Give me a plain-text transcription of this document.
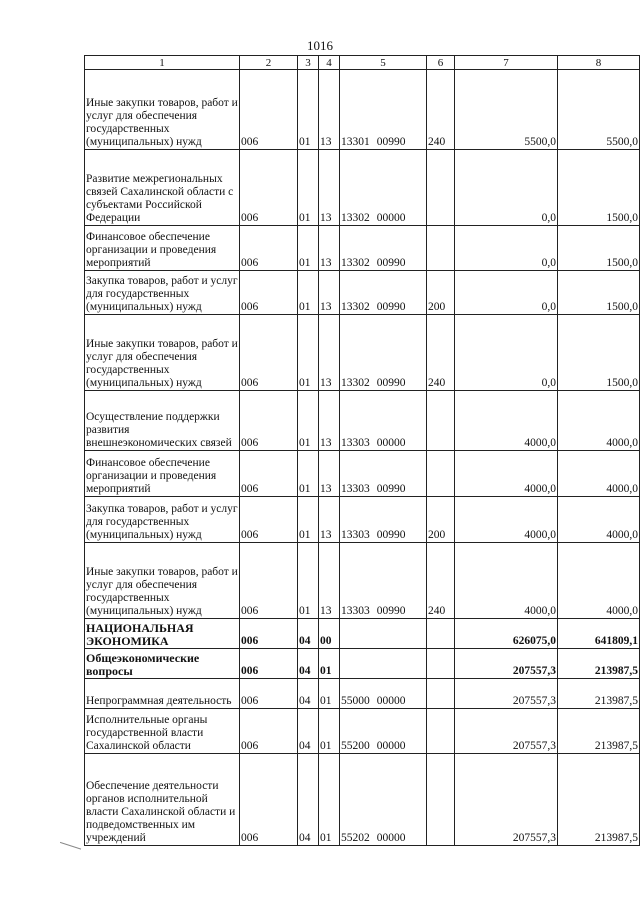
1016
1	2	3	4	5	6	7	8
Иные закупки товаров, работ и услуг для обеспечения государственных (муниципальных) нужд	006	01	13	13301 00990	240	5500,0	5500,0
Развитие межрегиональных связей Сахалинской области с субъектами Российской Федерации	006	01	13	13302 00000		0,0	1500,0
Финансовое обеспечение организации и проведения мероприятий	006	01	13	13302 00990		0,0	1500,0
Закупка товаров, работ и услуг для государственных (муниципальных) нужд	006	01	13	13302 00990	200	0,0	1500,0
Иные закупки товаров, работ и услуг для обеспечения государственных (муниципальных) нужд	006	01	13	13302 00990	240	0,0	1500,0
Осуществление поддержки развития внешнеэкономических связей	006	01	13	13303 00000		4000,0	4000,0
Финансовое обеспечение организации и проведения мероприятий	006	01	13	13303 00990		4000,0	4000,0
Закупка товаров, работ и услуг для государственных (муниципальных) нужд	006	01	13	13303 00990	200	4000,0	4000,0
Иные закупки товаров, работ и услуг для обеспечения государственных (муниципальных) нужд	006	01	13	13303 00990	240	4000,0	4000,0
НАЦИОНАЛЬНАЯ ЭКОНОМИКА	006	04	00			626075,0	641809,1
Общеэкономические вопросы	006	04	01			207557,3	213987,5
Непрограммная деятельность	006	04	01	55000 00000		207557,3	213987,5
Исполнительные органы государственной власти Сахалинской области	006	04	01	55200 00000		207557,3	213987,5
Обеспечение деятельности органов исполнительной власти Сахалинской области и подведомственных им учреждений	006	04	01	55202 00000		207557,3	213987,5
